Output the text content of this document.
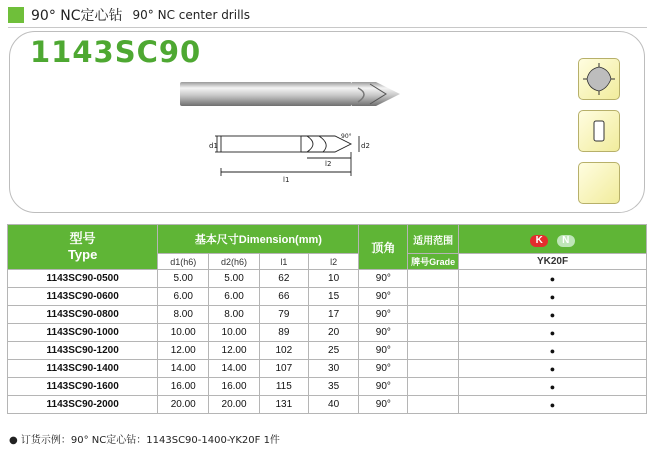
90° NC定心钻 90° NC center drills
1143SC90
d1	d2
l1
l2
90°
型号
Type	基本尺寸Dimension(mm)				顶角	适用范围	K N
	d1(h6)	d2(h6)	l1	l2		牌号Grade	YK20F
1143SC90-0500	5.00	5.00	62	10	90°		●
1143SC90-0600	6.00	6.00	66	15	90°		●
1143SC90-0800	8.00	8.00	79	17	90°		●
1143SC90-1000	10.00	10.00	89	20	90°		●
1143SC90-1200	12.00	12.00	102	25	90°		●
1143SC90-1400	14.00	14.00	107	30	90°		●
1143SC90-1600	16.00	16.00	115	35	90°		●
1143SC90-2000	20.00	20.00	131	40	90°		●
● 订货示例：90° NC定心钻：1143SC90-1400-YK20F 1件
